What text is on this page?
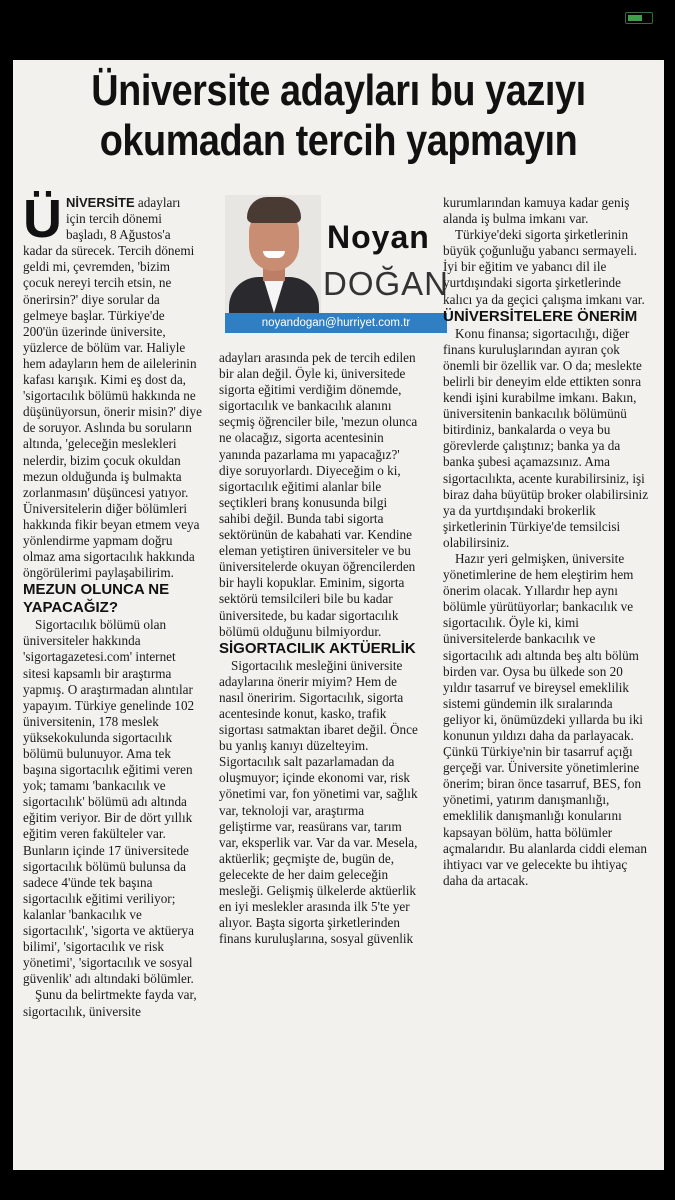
Üniversite adayları bu yazıyı
okumadan tercih yapmayın

Ü NİVERSİTE adayları için tercih dönemi başladı, 8 Ağustos'a kadar da sürecek. Tercih dönemi geldi mi, çevremden, 'bizim çocuk nereyi tercih etsin, ne önerirsin?' diye sorular da gelmeye başlar. Türkiye'de 200'ün üzerinde üniversite, yüzlerce de bölüm var. Haliyle hem adayların hem de ailelerinin kafası karışık. Kimi eş dost da, 'sigortacılık bölümü hakkında ne düşünüyorsun, önerir misin?' diye de soruyor. Aslında bu soruların altında, 'geleceğin meslekleri nelerdir, bizim çocuk okuldan mezun olduğunda iş bulmakta zorlanmasın' düşüncesi yatıyor. Üniversitelerin diğer bölümleri hakkında fikir beyan etmem veya yönlendirme yapmam doğru olmaz ama sigortacılık hakkında öngörülerimi paylaşabilirim.

MEZUN OLUNCA NE YAPACAĞIZ?

Sigortacılık bölümü olan üniversiteler hakkında 'sigortagazetesi.com' internet sitesi kapsamlı bir araştırma yapmış. O araştırmadan alıntılar yapayım. Türkiye genelinde 102 üniversitenin, 178 meslek yüksekokulunda sigortacılık bölümü bulunuyor. Ama tek başına sigortacılık eğitimi veren yok; tamamı 'bankacılık ve sigortacılık' bölümü adı altında eğitim veriyor. Bir de dört yıllık eğitim veren fakülteler var. Bunların içinde 17 üniversitede sigortacılık bölümü bulunsa da sadece 4'ünde tek başına sigortacılık eğitimi veriliyor; kalanlar 'bankacılık ve sigortacılık', 'sigorta ve aktüerya bilimi', 'sigortacılık ve risk yönetimi', 'sigortacılık ve sosyal güvenlik' adı altındaki bölümler.

Şunu da belirtmekte fayda var, sigortacılık, üniversite

Noyan
DOĞAN
noyandogan@hurriyet.com.tr

adayları arasında pek de tercih edilen bir alan değil. Öyle ki, üniversitede sigorta eğitimi verdiğim dönemde, sigortacılık ve bankacılık alanını seçmiş öğrenciler bile, 'mezun olunca ne olacağız, sigorta acentesinin yanında pazarlama mı yapacağız?' diye soruyorlardı. Diyeceğim o ki, sigortacılık eğitimi alanlar bile seçtikleri branş konusunda bilgi sahibi değil. Bunda tabi sigorta sektörünün de kabahati var. Kendine eleman yetiştiren üniversiteler ve bu üniversitelerde okuyan öğrencilerden bir hayli kopuklar. Eminim, sigorta sektörü temsilcileri bile bu kadar üniversitede, bu kadar sigortacılık bölümü olduğunu bilmiyordur.

SİGORTACILIK AKTÜERLİK

Sigortacılık mesleğini üniversite adaylarına önerir miyim? Hem de nasıl öneririm. Sigortacılık, sigorta acentesinde konut, kasko, trafik sigortası satmaktan ibaret değil. Önce bu yanlış kanıyı düzelteyim. Sigortacılık salt pazarlamadan da oluşmuyor; içinde ekonomi var, risk yönetimi var, fon yönetimi var, sağlık var, teknoloji var, araştırma geliştirme var, reasürans var, tarım var, eksperlik var. Var da var. Mesela, aktüerlik; geçmişte de, bugün de, gelecekte de her daim geleceğin mesleği. Gelişmiş ülkelerde aktüerlik en iyi meslekler arasında ilk 5'te yer alıyor. Başta sigorta şirketlerinden finans kuruluşlarına, sosyal güvenlik

kurumlarından kamuya kadar geniş alanda iş bulma imkanı var.

Türkiye'deki sigorta şirketlerinin büyük çoğunluğu yabancı sermayeli. İyi bir eğitim ve yabancı dil ile yurtdışındaki sigorta şirketlerinde kalıcı ya da geçici çalışma imkanı var.

ÜNİVERSİTELERE ÖNERİM

Konu finansa; sigortacılığı, diğer finans kuruluşlarından ayıran çok önemli bir özellik var. O da; meslekte belirli bir deneyim elde ettikten sonra kendi işini kurabilme imkanı. Bakın, üniversitenin bankacılık bölümünü bitirdiniz, bankalarda o veya bu görevlerde çalıştınız; banka ya da banka şubesi açamazsınız. Ama sigortacılıkta, acente kurabilirsiniz, işi biraz daha büyütüp broker olabilirsiniz ya da yurtdışındaki brokerlik şirketlerinin Türkiye'de temsilcisi olabilirsiniz.

Hazır yeri gelmişken, üniversite yönetimlerine de hem eleştirim hem önerim olacak. Yıllardır hep aynı bölümle yürütüyorlar; bankacılık ve sigortacılık. Öyle ki, kimi üniversitelerde bankacılık ve sigortacılık adı altında beş altı bölüm birden var. Oysa bu ülkede son 20 yıldır tasarruf ve bireysel emeklilik sistemi gündemin ilk sıralarında geliyor ki, önümüzdeki yıllarda bu iki konunun yıldızı daha da parlayacak. Çünkü Türkiye'nin bir tasarruf açığı gerçeği var. Üniversite yönetimlerine önerim; biran önce tasarruf, BES, fon yönetimi, yatırım danışmanlığı, emeklilik danışmanlığı konularını kapsayan bölüm, hatta bölümler açmalarıdır. Bu alanlarda ciddi eleman ihtiyacı var ve gelecekte bu ihtiyaç daha da artacak.
